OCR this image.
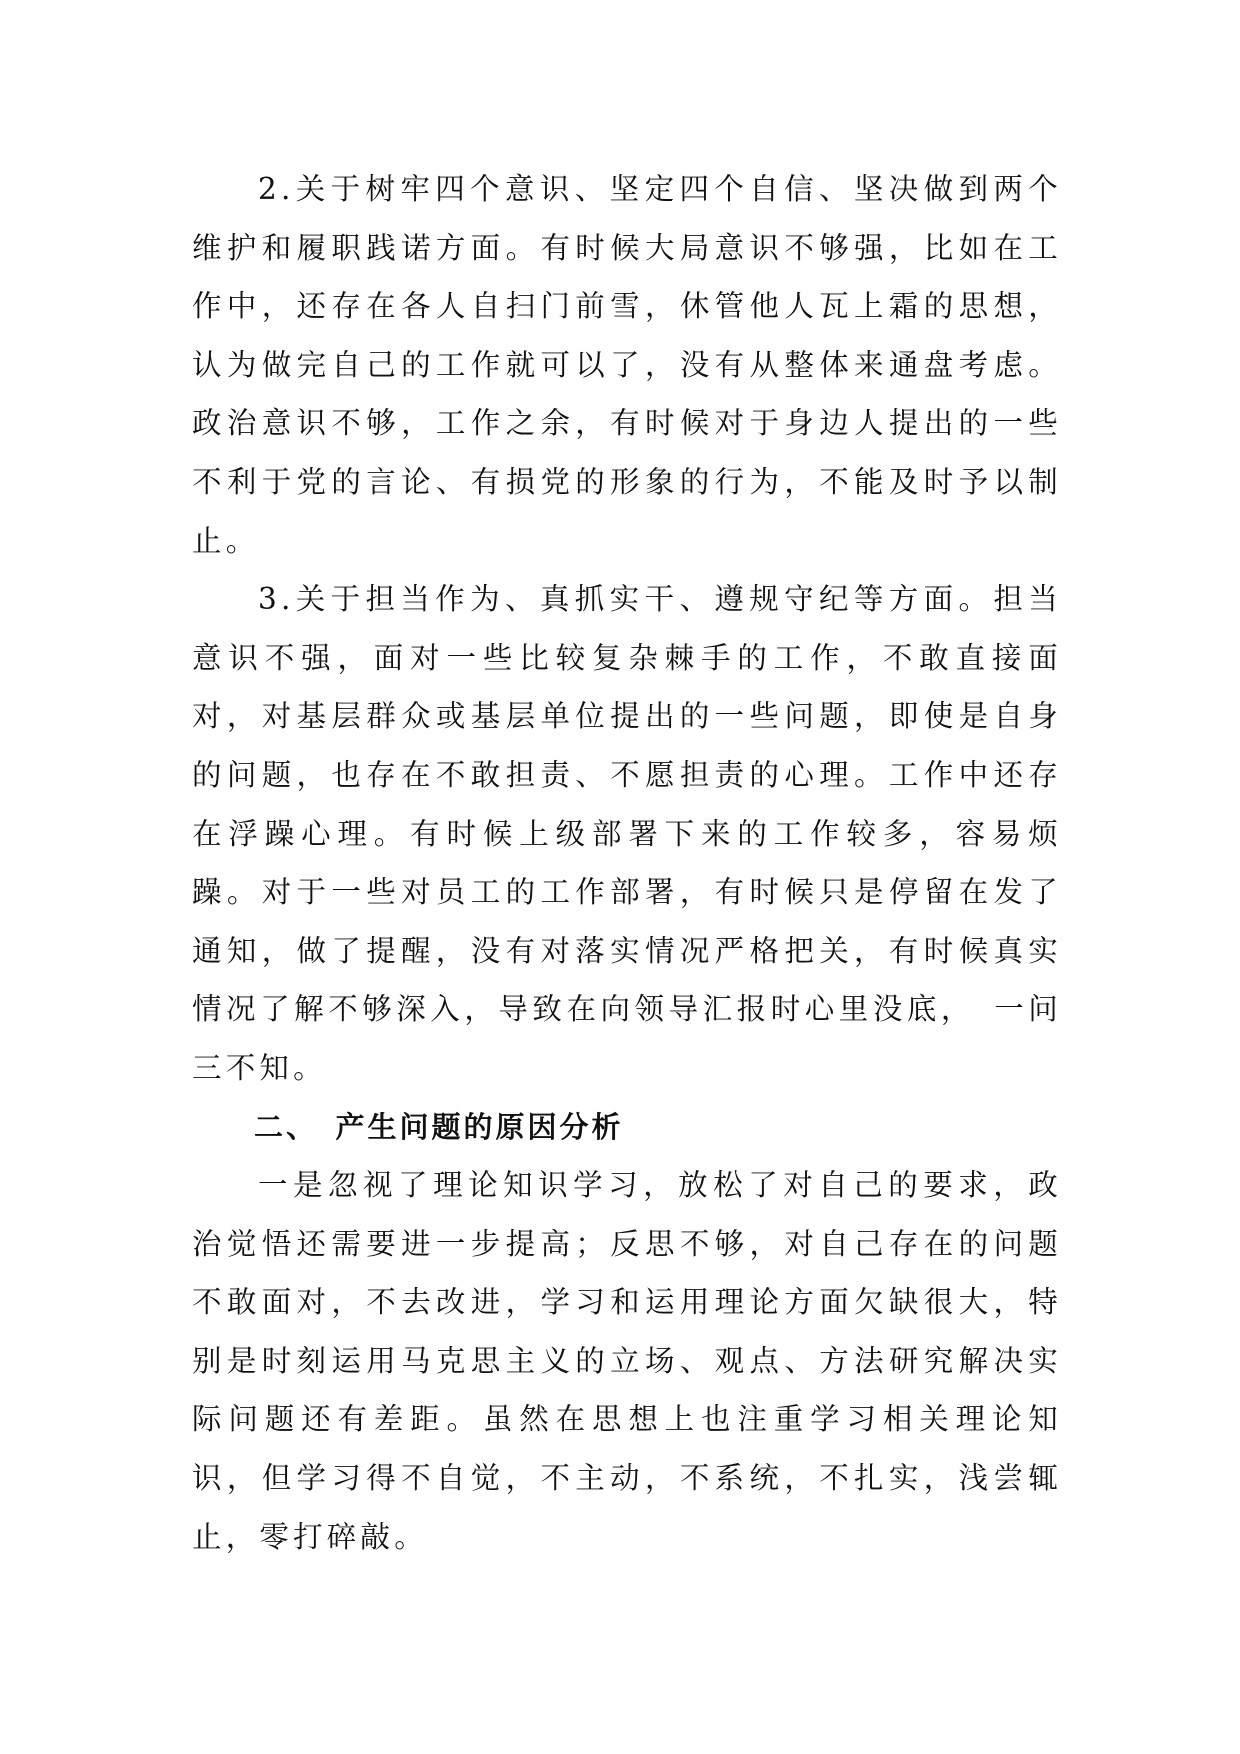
2.关于树牢四个意识、坚定四个自信、坚决做到两个维护和履职践诺方面。有时候大局意识不够强，比如在工作中，还存在各人自扫门前雪，休管他人瓦上霜的思想，认为做完自己的工作就可以了，没有从整体来通盘考虑。政治意识不够，工作之余，有时候对于身边人提出的一些不利于党的言论、有损党的形象的行为，不能及时予以制止。

3.关于担当作为、真抓实干、遵规守纪等方面。担当意识不强，面对一些比较复杂棘手的工作，不敢直接面对，对基层群众或基层单位提出的一些问题，即使是自身的问题，也存在不敢担责、不愿担责的心理。工作中还存在浮躁心理。有时候上级部署下来的工作较多，容易烦躁。对于一些对员工的工作部署，有时候只是停留在发了通知，做了提醒，没有对落实情况严格把关，有时候真实情况了解不够深入，导致在向领导汇报时心里没底，　一问三不知。

二、　产生问题的原因分析

一是忽视了理论知识学习，放松了对自己的要求，政治觉悟还需要进一步提高；反思不够，对自己存在的问题不敢面对，不去改进，学习和运用理论方面欠缺很大，特别是时刻运用马克思主义的立场、观点、方法研究解决实际问题还有差距。虽然在思想上也注重学习相关理论知识，但学习得不自觉，不主动，不系统，不扎实，浅尝辄止，零打碎敲。
